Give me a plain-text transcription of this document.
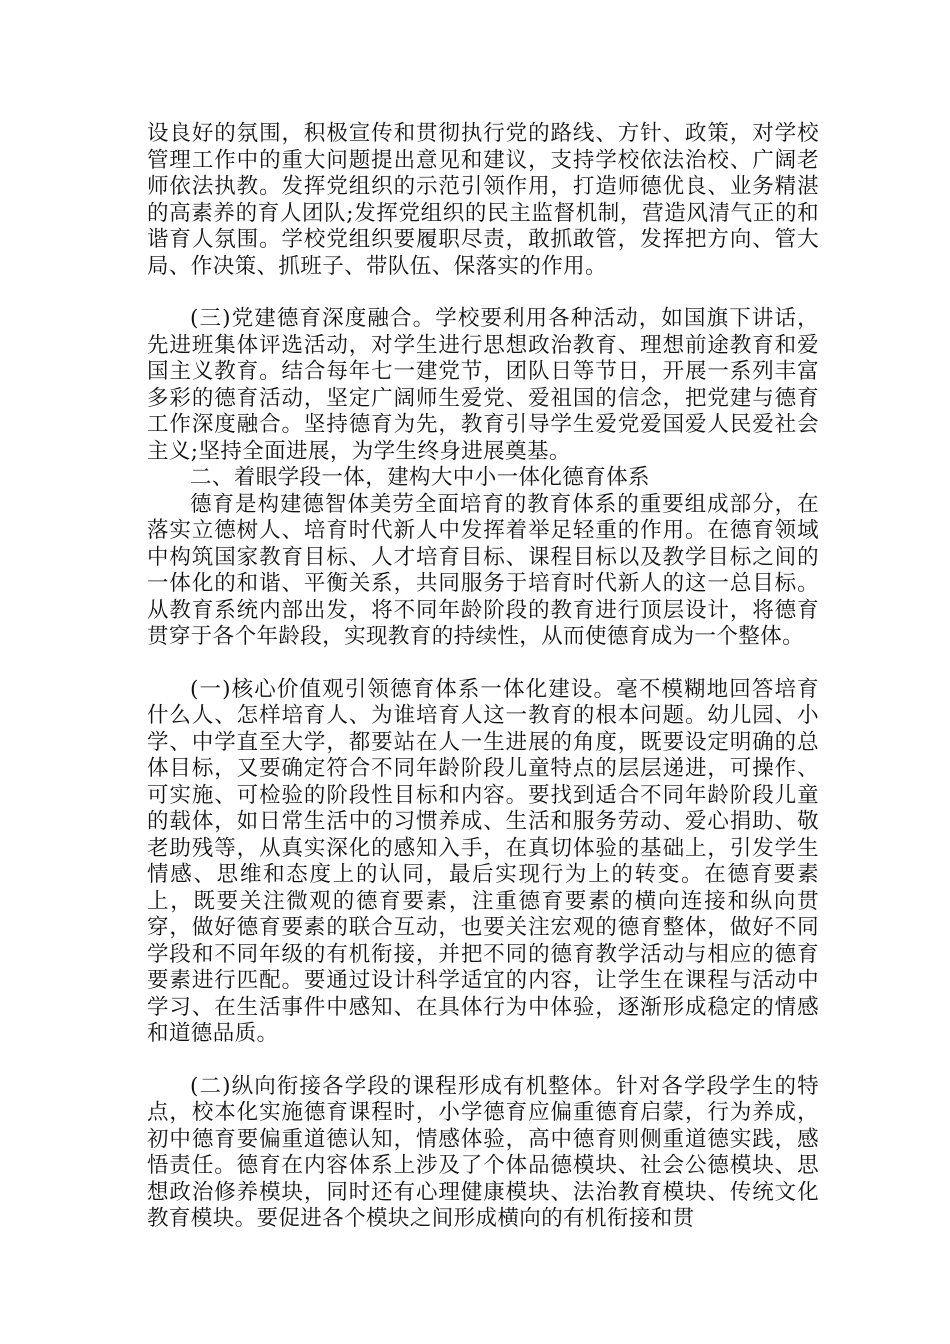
设良好的氛围，积极宣传和贯彻执行党的路线、方针、政策，对学校管理工作中的重大问题提出意见和建议，支持学校依法治校、广阔老师依法执教。发挥党组织的示范引领作用，打造师德优良、业务精湛的高素养的育人团队;发挥党组织的民主监督机制，营造风清气正的和谐育人氛围。学校党组织要履职尽责，敢抓敢管，发挥把方向、管大局、作决策、抓班子、带队伍、保落实的作用。

(三)党建德育深度融合。学校要利用各种活动，如国旗下讲话，先进班集体评选活动，对学生进行思想政治教育、理想前途教育和爱国主义教育。结合每年七一建党节，团队日等节日，开展一系列丰富多彩的德育活动，坚定广阔师生爱党、爱祖国的信念，把党建与德育工作深度融合。坚持德育为先，教育引导学生爱党爱国爱人民爱社会主义;坚持全面进展，为学生终身进展奠基。

二、着眼学段一体，建构大中小一体化德育体系

德育是构建德智体美劳全面培育的教育体系的重要组成部分，在落实立德树人、培育时代新人中发挥着举足轻重的作用。在德育领域中构筑国家教育目标、人才培育目标、课程目标以及教学目标之间的一体化的和谐、平衡关系，共同服务于培育时代新人的这一总目标。从教育系统内部出发，将不同年龄阶段的教育进行顶层设计，将德育贯穿于各个年龄段，实现教育的持续性，从而使德育成为一个整体。

(一)核心价值观引领德育体系一体化建设。毫不模糊地回答培育什么人、怎样培育人、为谁培育人这一教育的根本问题。幼儿园、小学、中学直至大学，都要站在人一生进展的角度，既要设定明确的总体目标，又要确定符合不同年龄阶段儿童特点的层层递进，可操作、可实施、可检验的阶段性目标和内容。要找到适合不同年龄阶段儿童的载体，如日常生活中的习惯养成、生活和服务劳动、爱心捐助、敬老助残等，从真实深化的感知入手，在真切体验的基础上，引发学生情感、思维和态度上的认同，最后实现行为上的转变。在德育要素上，既要关注微观的德育要素，注重德育要素的横向连接和纵向贯穿，做好德育要素的联合互动，也要关注宏观的德育整体，做好不同学段和不同年级的有机衔接，并把不同的德育教学活动与相应的德育要素进行匹配。要通过设计科学适宜的内容，让学生在课程与活动中学习、在生活事件中感知、在具体行为中体验，逐渐形成稳定的情感和道德品质。

(二)纵向衔接各学段的课程形成有机整体。针对各学段学生的特点，校本化实施德育课程时，小学德育应偏重德育启蒙，行为养成，初中德育要偏重道德认知，情感体验，高中德育则侧重道德实践，感悟责任。德育在内容体系上涉及了个体品德模块、社会公德模块、思想政治修养模块，同时还有心理健康模块、法治教育模块、传统文化教育模块。要促进各个模块之间形成横向的有机衔接和贯
